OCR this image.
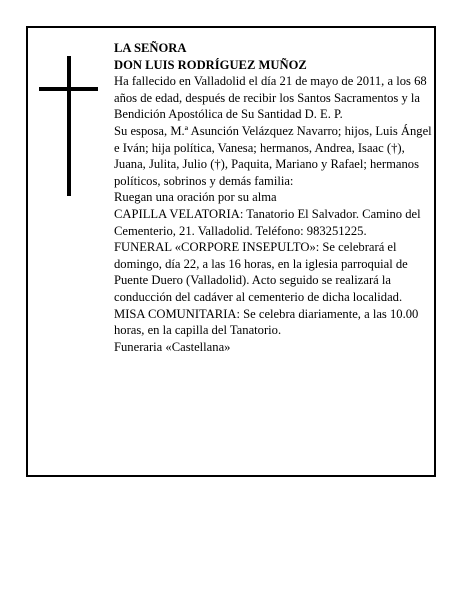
LA SEÑORA

DON LUIS RODRÍGUEZ MUÑOZ

Ha fallecido en Valladolid el día 21 de mayo de 2011, a los 68 años de edad, después de recibir los Santos Sacramentos y la Bendición Apostólica de Su Santidad D. E. P.

Su esposa, M.ª Asunción Velázquez Navarro; hijos, Luis Ángel e Iván; hija política, Vanesa; hermanos, Andrea, Isaac (†), Juana, Julita, Julio (†), Paquita, Mariano y Rafael; hermanos políticos, sobrinos y demás familia:

Ruegan una oración por su alma

CAPILLA VELATORIA: Tanatorio El Salvador. Camino del Cementerio, 21. Valladolid. Teléfono: 983251225.

FUNERAL «CORPORE INSEPULTO»: Se celebrará el domingo, día 22, a las 16 horas, en la iglesia parroquial de Puente Duero (Valladolid). Acto seguido se realizará la conducción del cadáver al cementerio de dicha localidad.

MISA COMUNITARIA: Se celebra diariamente, a las 10.00 horas, en la capilla del Tanatorio.

Funeraria «Castellana»
